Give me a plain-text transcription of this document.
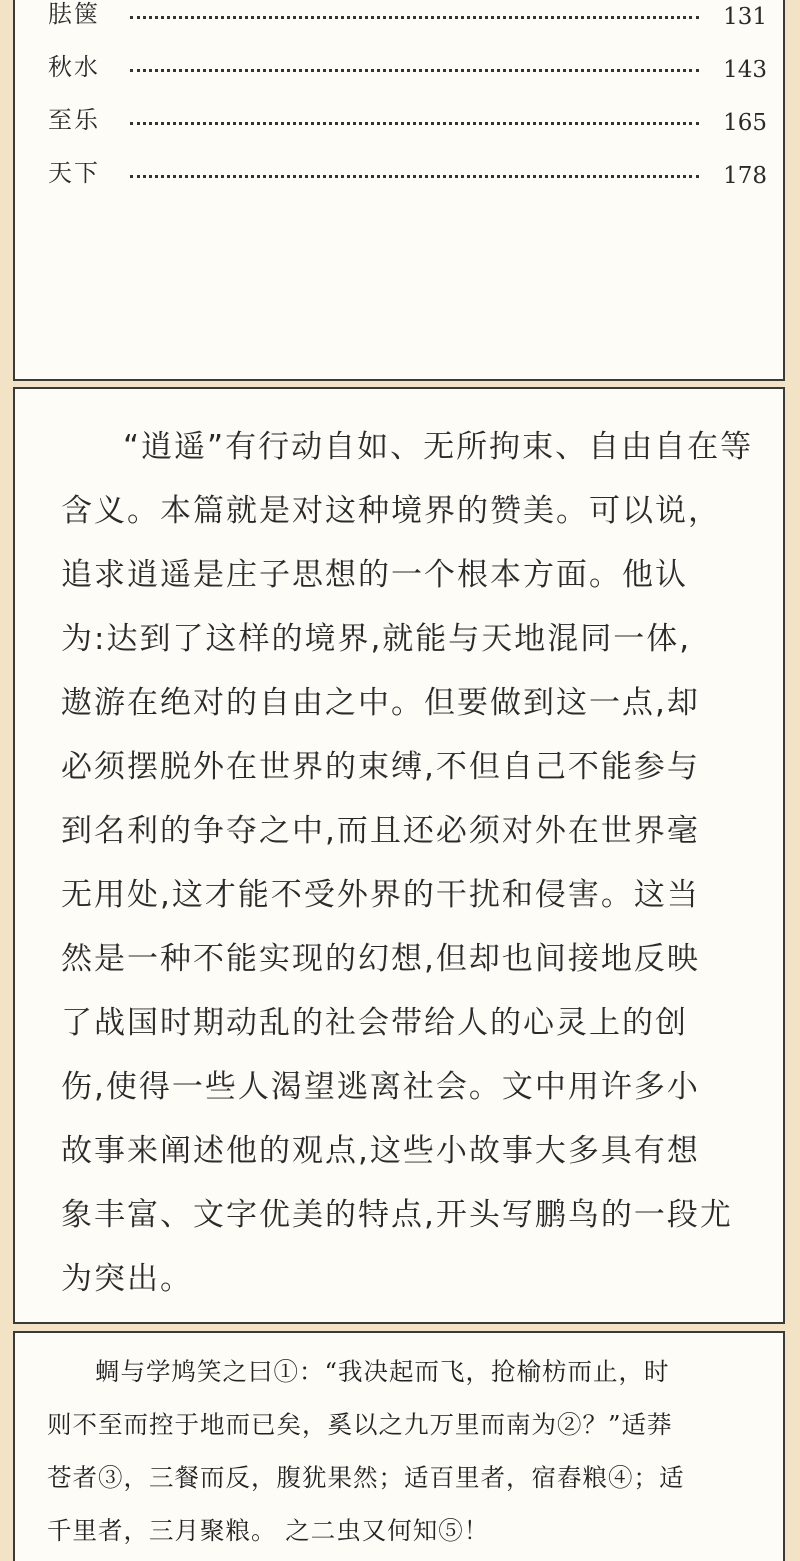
胠箧	131
秋水	143
至乐	165
天下	178
“逍遥”有行动自如、无所拘束、自由自在等
含义。本篇就是对这种境界的赞美。可以说，
追求逍遥是庄子思想的一个根本方面。他认
为:达到了这样的境界,就能与天地混同一体,
遨游在绝对的自由之中。但要做到这一点,却
必须摆脱外在世界的束缚,不但自己不能参与
到名利的争夺之中,而且还必须对外在世界毫
无用处,这才能不受外界的干扰和侵害。这当
然是一种不能实现的幻想,但却也间接地反映
了战国时期动乱的社会带给人的心灵上的创
伤,使得一些人渴望逃离社会。文中用许多小
故事来阐述他的观点,这些小故事大多具有想
象丰富、文字优美的特点,开头写鹏鸟的一段尤
为突出。
蜩与学鸠笑之曰①：“我决起而飞，抢榆枋而止，时
则不至而控于地而已矣，奚以之九万里而南为②？”适莽
苍者③，三餐而反，腹犹果然；适百里者，宿舂粮④；适
千里者，三月聚粮。 之二虫又何知⑤！
